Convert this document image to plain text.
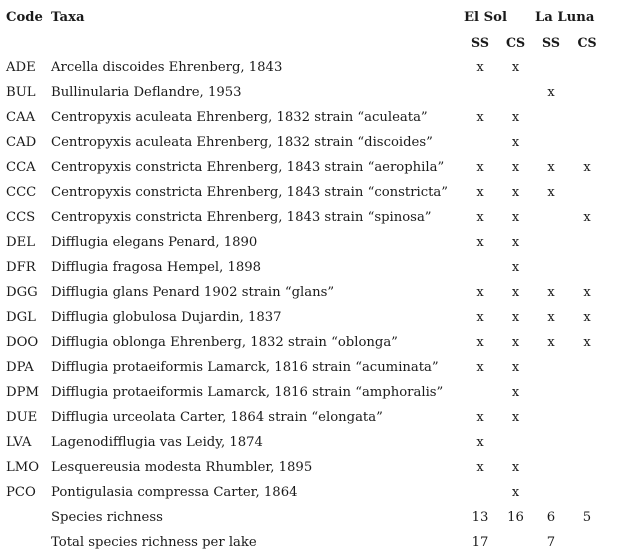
Code	Taxa	El Sol		La Luna	
		SS	CS	SS	CS
ADE	Arcella discoides Ehrenberg, 1843	x	x		
BUL	Bullinularia Deflandre, 1953			x	
CAA	Centropyxis aculeata Ehrenberg, 1832 strain “aculeata”	x	x		
CAD	Centropyxis aculeata Ehrenberg, 1832 strain “discoides”		x		
CCA	Centropyxis constricta Ehrenberg, 1843 strain “aerophila”	x	x	x	x
CCC	Centropyxis constricta Ehrenberg, 1843 strain “constricta”	x	x	x	
CCS	Centropyxis constricta Ehrenberg, 1843 strain “spinosa”	x	x		x
DEL	Difflugia elegans Penard, 1890	x	x		
DFR	Difflugia fragosa Hempel, 1898		x		
DGG	Difflugia glans Penard 1902 strain “glans”	x	x	x	x
DGL	Difflugia globulosa Dujardin, 1837	x	x	x	x
DOO	Difflugia oblonga Ehrenberg, 1832 strain “oblonga”	x	x	x	x
DPA	Difflugia protaeiformis Lamarck, 1816 strain “acuminata”	x	x		
DPM	Difflugia protaeiformis Lamarck, 1816 strain “amphoralis”		x		
DUE	Difflugia urceolata Carter, 1864 strain “elongata”	x	x		
LVA	Lagenodifflugia vas Leidy, 1874	x			
LMO	Lesquereusia modesta Rhumbler, 1895	x	x		
PCO	Pontigulasia compressa Carter, 1864		x		
	Species richness	13	16	6	5
	Total species richness per lake	17		7	
